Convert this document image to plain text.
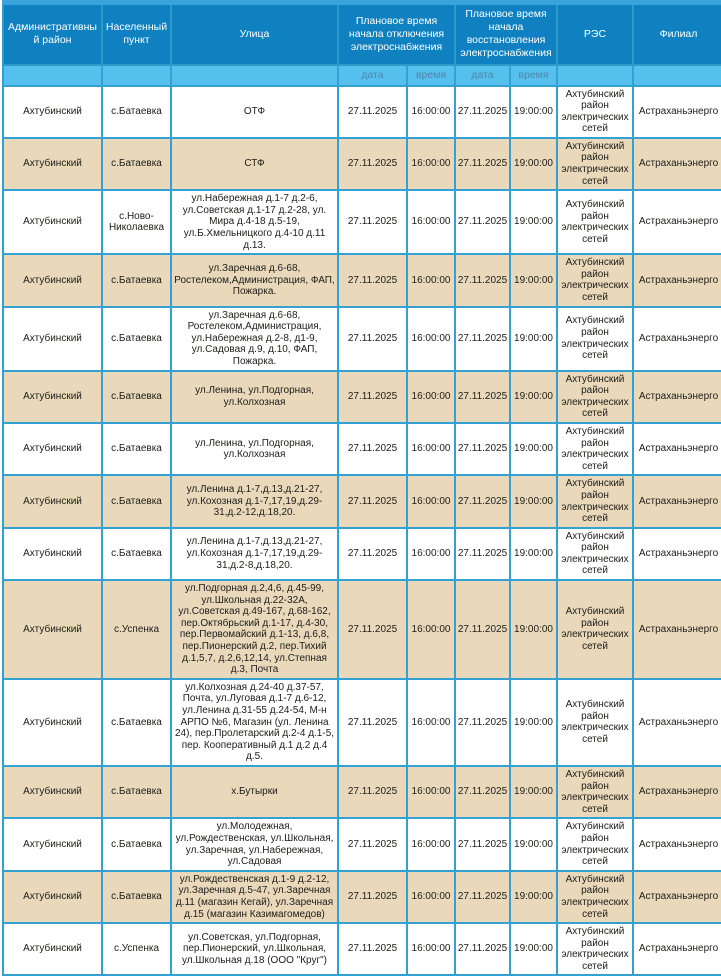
Административный район	Населенный пункт	Улица	Плановое время начала отключения электроснабжения		Плановое время начала восстановления электроснабжения		РЭС	Филиал
			дата	время	дата	время		
Ахтубинский	с.Батаевка	ОТФ	27.11.2025	16:00:00	27.11.2025	19:00:00	Ахтубинский район электрических сетей	Астраханьэнерго
Ахтубинский	с.Батаевка	СТФ	27.11.2025	16:00:00	27.11.2025	19:00:00	Ахтубинский район электрических сетей	Астраханьэнерго
Ахтубинский	с.Ново-Николаевка	ул.Набережная д.1-7 д.2-6, ул.Советская д.1-17 д.2-28, ул. Мира д.4-18 д.5-19, ул.Б.Хмельницкого д.4-10 д.11 д.13.	27.11.2025	16:00:00	27.11.2025	19:00:00	Ахтубинский район электрических сетей	Астраханьэнерго
Ахтубинский	с.Батаевка	ул.Заречная д.6-68, Ростелеком,Администрация, ФАП, Пожарка.	27.11.2025	16:00:00	27.11.2025	19:00:00	Ахтубинский район электрических сетей	Астраханьэнерго
Ахтубинский	с.Батаевка	ул.Заречная д.6-68, Ростелеком,Администрация, ул.Набережная д.2-8, д1-9, ул.Садовая д.9, д.10, ФАП, Пожарка.	27.11.2025	16:00:00	27.11.2025	19:00:00	Ахтубинский район электрических сетей	Астраханьэнерго
Ахтубинский	с.Батаевка	ул.Ленина, ул.Подгорная, ул.Колхозная	27.11.2025	16:00:00	27.11.2025	19:00:00	Ахтубинский район электрических сетей	Астраханьэнерго
Ахтубинский	с.Батаевка	ул.Ленина, ул.Подгорная, ул.Колхозная	27.11.2025	16:00:00	27.11.2025	19:00:00	Ахтубинский район электрических сетей	Астраханьэнерго
Ахтубинский	с.Батаевка	ул.Ленина д.1-7,д.13,д.21-27, ул.Кохозная д.1-7,17,19,д.29-31,д.2-12,д.18,20.	27.11.2025	16:00:00	27.11.2025	19:00:00	Ахтубинский район электрических сетей	Астраханьэнерго
Ахтубинский	с.Батаевка	ул.Ленина д.1-7,д.13,д.21-27, ул.Кохозная д.1-7,17,19,д.29-31,д.2-8,д.18,20.	27.11.2025	16:00:00	27.11.2025	19:00:00	Ахтубинский район электрических сетей	Астраханьэнерго
Ахтубинский	с.Успенка	ул.Подгорная д.2,4,6, д.45-99, ул.Школьная д.22-32А, ул.Советская д.49-167, д.68-162, пер.Октябрьский д.1-17, д.4-30, пер.Первомайский д.1-13, д.6,8, пер.Пионерский д.2, пер.Тихий д.1,5,7, д.2,6,12,14, ул.Степная д.3, Почта	27.11.2025	16:00:00	27.11.2025	19:00:00	Ахтубинский район электрических сетей	Астраханьэнерго
Ахтубинский	с.Батаевка	ул.Колхозная д.24-40 д.37-57, Почта, ул.Луговая д.1-7 д.6-12, ул.Ленина д.31-55 д.24-54, М-н АРПО №6, Магазин (ул. Ленина 24), пер.Пролетарский д.2-4 д.1-5, пер. Кооперативный д.1 д.2 д.4 д.5.	27.11.2025	16:00:00	27.11.2025	19:00:00	Ахтубинский район электрических сетей	Астраханьэнерго
Ахтубинский	с.Батаевка	х.Бутырки	27.11.2025	16:00:00	27.11.2025	19:00:00	Ахтубинский район электрических сетей	Астраханьэнерго
Ахтубинский	с.Батаевка	ул.Молодежная, ул.Рождественская, ул.Школьная, ул.Заречная, ул.Набережная, ул.Садовая	27.11.2025	16:00:00	27.11.2025	19:00:00	Ахтубинский район электрических сетей	Астраханьэнерго
Ахтубинский	с.Батаевка	ул.Рождественская д.1-9 д.2-12, ул.Заречная д.5-47, ул.Заречная д.11 (магазин Кегай), ул.Заречная д.15 (магазин Казимагомедов)	27.11.2025	16:00:00	27.11.2025	19:00:00	Ахтубинский район электрических сетей	Астраханьэнерго
Ахтубинский	с.Успенка	ул.Советская, ул.Подгорная, пер.Пионерский, ул.Школьная, ул.Школьная д.18 (ООО "Круг")	27.11.2025	16:00:00	27.11.2025	19:00:00	Ахтубинский район электрических сетей	Астраханьэнерго
